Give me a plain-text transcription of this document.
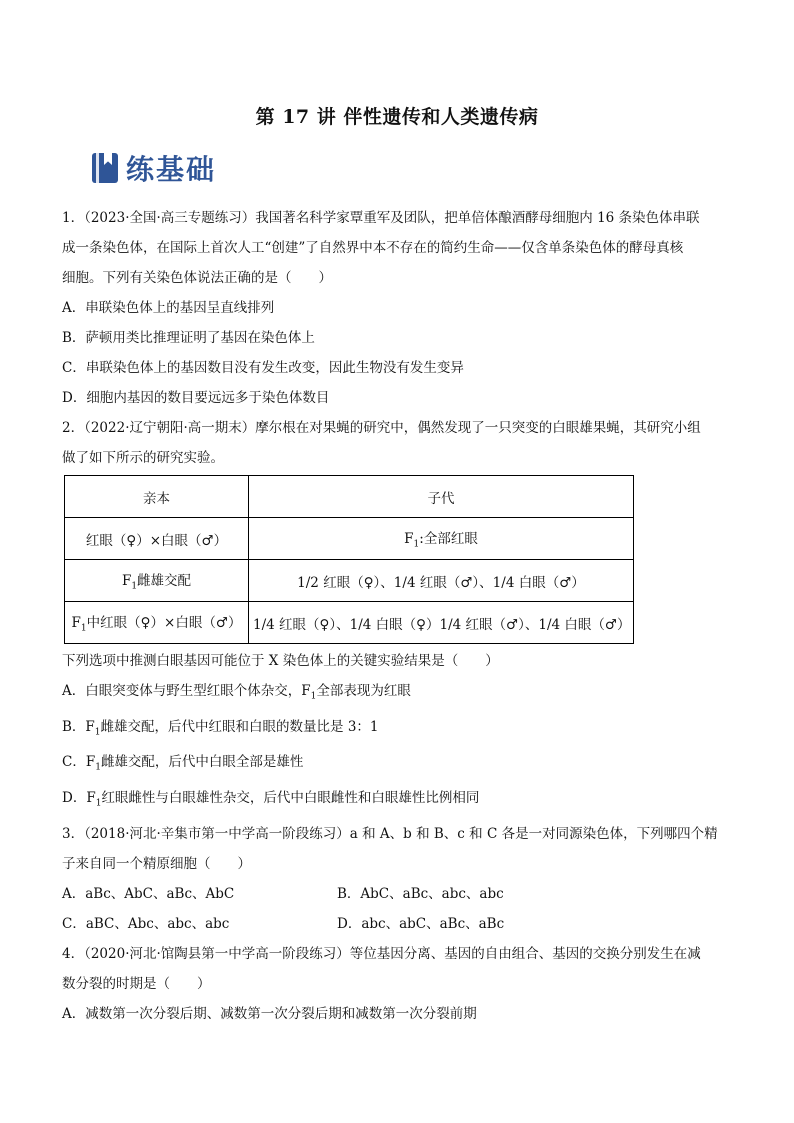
第 17 讲 伴性遗传和人类遗传病
练基础

1．（2023·全国·高三专题练习）我国著名科学家覃重军及团队，把单倍体酿酒酵母细胞内 16 条染色体串联

成一条染色体，在国际上首次人工“创建”了自然界中本不存在的简约生命——仅含单条染色体的酵母真核

细胞。下列有关染色体说法正确的是（　　）

A．串联染色体上的基因呈直线排列

B．萨顿用类比推理证明了基因在染色体上

C．串联染色体上的基因数目没有发生改变，因此生物没有发生变异

D．细胞内基因的数目要远远多于染色体数目

2．（2022·辽宁朝阳·高一期末）摩尔根在对果蝇的研究中，偶然发现了一只突变的白眼雄果蝇，其研究小组

做了如下所示的研究实验。

亲本	子代
红眼（♀）×白眼（♂）	$F_1$:全部红眼
$F_1$雌雄交配	1/2 红眼（♀）、1/4 红眼（♂）、1/4 白眼（♂）
$F_1$中红眼（♀）×白眼（♂）	1/4 红眼（♀）、1/4 白眼（♀）1/4 红眼（♂）、1/4 白眼（♂）

下列选项中推测白眼基因可能位于 X 染色体上的关键实验结果是（　　）

A．白眼突变体与野生型红眼个体杂交，$F_1$全部表现为红眼

B．$F_1$雌雄交配，后代中红眼和白眼的数量比是 3：1

C．$F_1$雌雄交配，后代中白眼全部是雄性

D．$F_1$红眼雌性与白眼雄性杂交，后代中白眼雌性和白眼雄性比例相同

3．（2018·河北·辛集市第一中学高一阶段练习）a 和 A、b 和 B、c 和 C 各是一对同源染色体，下列哪四个精

子来自同一个精原细胞（　　）

A．aBc、AbC、aBc、AbC	B．AbC、aBc、abc、abc
C．aBC、Abc、abc、abc	D．abc、abC、aBc、aBc

4．（2020·河北·馆陶县第一中学高一阶段练习）等位基因分离、基因的自由组合、基因的交换分别发生在减

数分裂的时期是（　　）

A．减数第一次分裂后期、减数第一次分裂后期和减数第一次分裂前期
